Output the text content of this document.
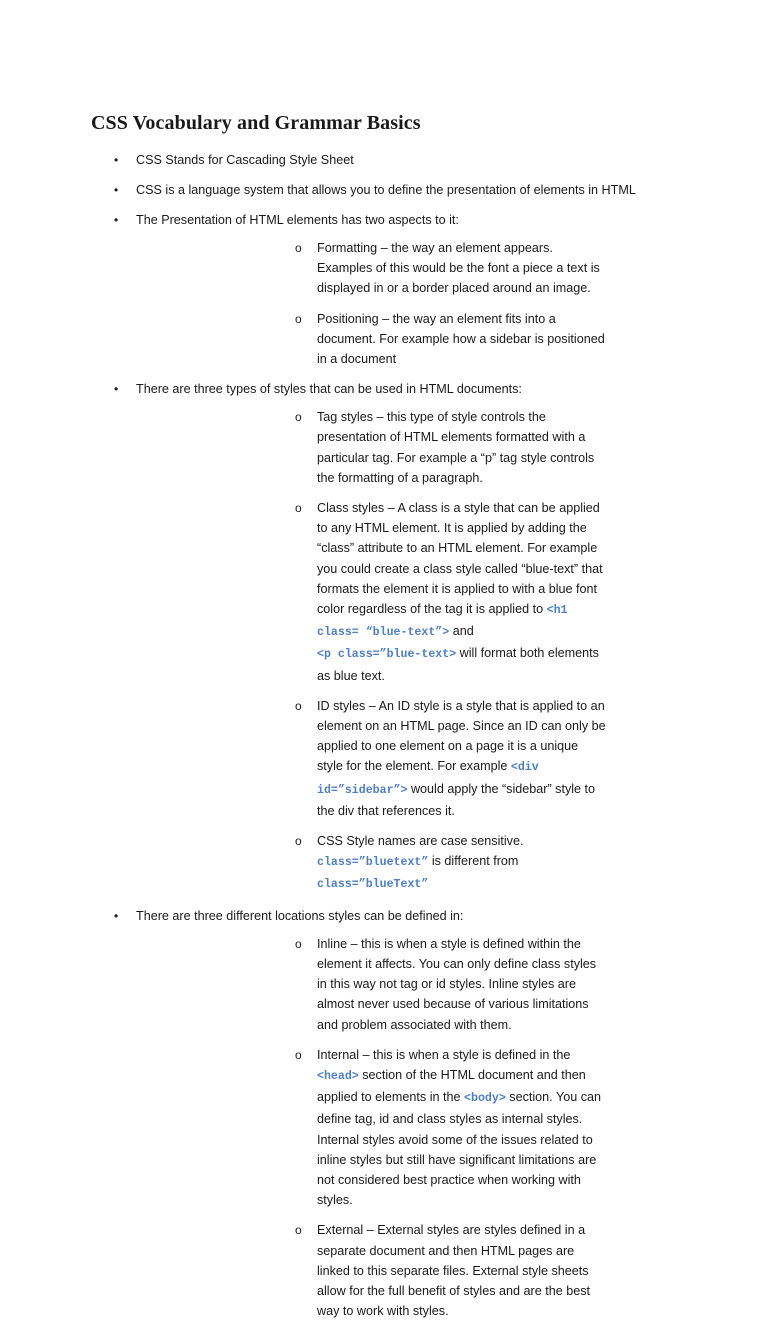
CSS Vocabulary and Grammar Basics
• CSS Stands for Cascading Style Sheet
• CSS is a language system that allows you to define the presentation of elements in HTML
• The Presentation of HTML elements has two aspects to it:
o Formatting – the way an element appears. Examples of this would be the font a piece a text is displayed in or a border placed around an image.
o Positioning – the way an element fits into a document. For example how a sidebar is positioned in a document
• There are three types of styles that can be used in HTML documents:
o Tag styles – this type of style controls the presentation of HTML elements formatted with a particular tag. For example a “p” tag style controls the formatting of a paragraph.
o Class styles – A class is a style that can be applied to any HTML element. It is applied by adding the “class” attribute to an HTML element. For example you could create a class style called “blue-text” that formats the element it is applied to with a blue font color regardless of the tag it is applied to <h1 class= “blue-text”> and
<p class=”blue-text> will format both elements as blue text.
o ID styles – An ID style is a style that is applied to an element on an HTML page. Since an ID can only be applied to one element on a page it is a unique style for the element. For example <div id=”sidebar”> would apply the “sidebar” style to the div that references it.
o CSS Style names are case sensitive.
class=”bluetext” is different from class=”blueText”
• There are three different locations styles can be defined in:
o Inline – this is when a style is defined within the element it affects. You can only define class styles in this way not tag or id styles. Inline styles are almost never used because of various limitations and problem associated with them.
o Internal – this is when a style is defined in the <head> section of the HTML document and then applied to elements in the <body> section. You can define tag, id and class styles as internal styles. Internal styles avoid some of the issues related to inline styles but still have significant limitations are not considered best practice when working with styles.
o External – External styles are styles defined in a separate document and then HTML pages are linked to this separate files. External style sheets allow for the full benefit of styles and are the best way to work with styles.
